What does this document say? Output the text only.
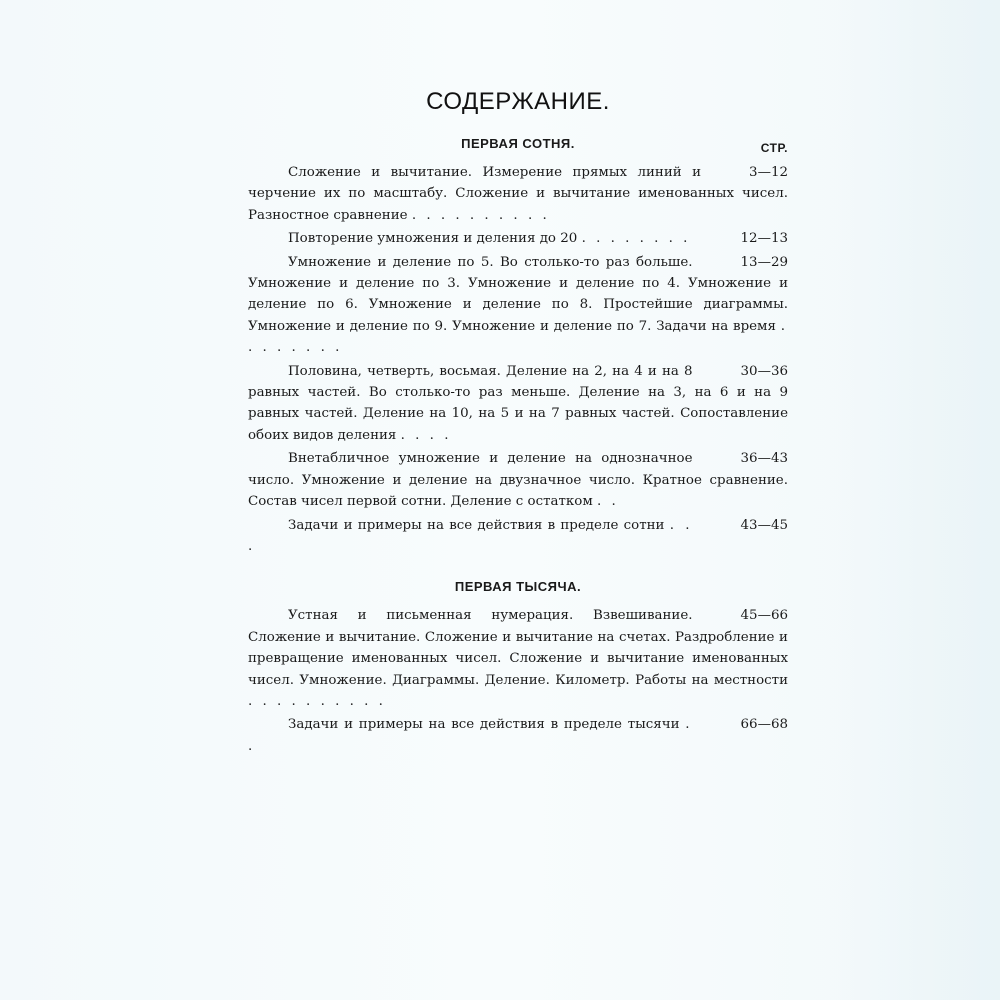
СОДЕРЖАНИЕ.
ПЕРВАЯ СОТНЯ.	СТР.
3—12
Сложение и вычитание. Измерение прямых линий и черчение их по масштабу. Сложение и вычитание именованных чисел. Разностное сравнение . . . . . . . . . .
12—13
Повторение умножения и деления до 20 . . . . . . . .
13—29
Умножение и деление по 5. Во столько-то раз больше. Умножение и деление по 3. Умножение и деление по 4. Умножение и деление по 6. Умножение и деление по 8. Простейшие диаграммы. Умножение и деление по 9. Умножение и деление по 7. Задачи на время . . . . . . . .
30—36
Половина, четверть, восьмая. Деление на 2, на 4 и на 8 равных частей. Во столько-то раз меньше. Деление на 3, на 6 и на 9 равных частей. Деление на 10, на 5 и на 7 равных частей. Сопоставление обоих видов деления . . . .
36—43
Внетабличное умножение и деление на однозначное число. Умножение и деление на двузначное число. Кратное сравнение. Состав чисел первой сотни. Деление с остатком . .
43—45
Задачи и примеры на все действия в пределе сотни . . .
ПЕРВАЯ ТЫСЯЧА.
45—66
Устная и письменная нумерация. Взвешивание. Сложение и вычитание. Сложение и вычитание на счетах. Раздробление и превращение именованных чисел. Сложение и вычитание именованных чисел. Умножение. Диаграммы. Деление. Километр. Работы на местности . . . . . . . . . .
66—68
Задачи и примеры на все действия в пределе тысячи . .
